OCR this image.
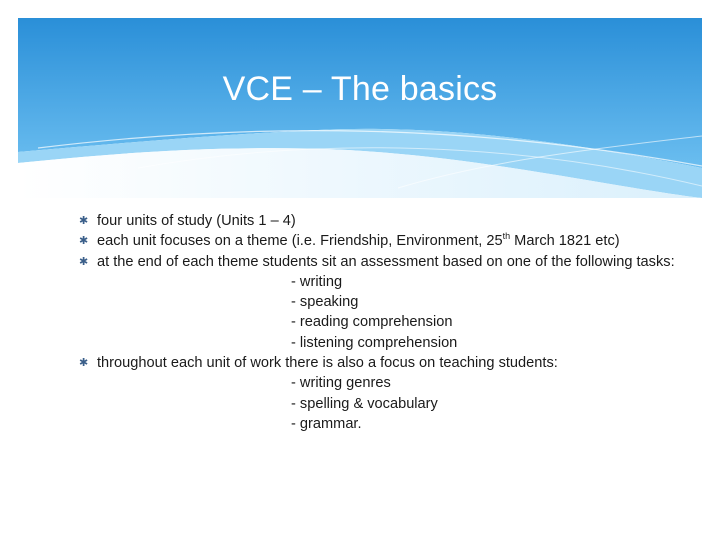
VCE – The basics
✱ four units of study (Units 1 – 4)
✱ each unit focuses on a theme (i.e. Friendship, Environment, 25th March 1821 etc)
✱ at the end of each theme students sit an assessment based on one of the following tasks:
- writing
- speaking
- reading comprehension
- listening comprehension
✱ throughout each unit of work there is also a focus on teaching students:
- writing genres
- spelling & vocabulary
- grammar.
